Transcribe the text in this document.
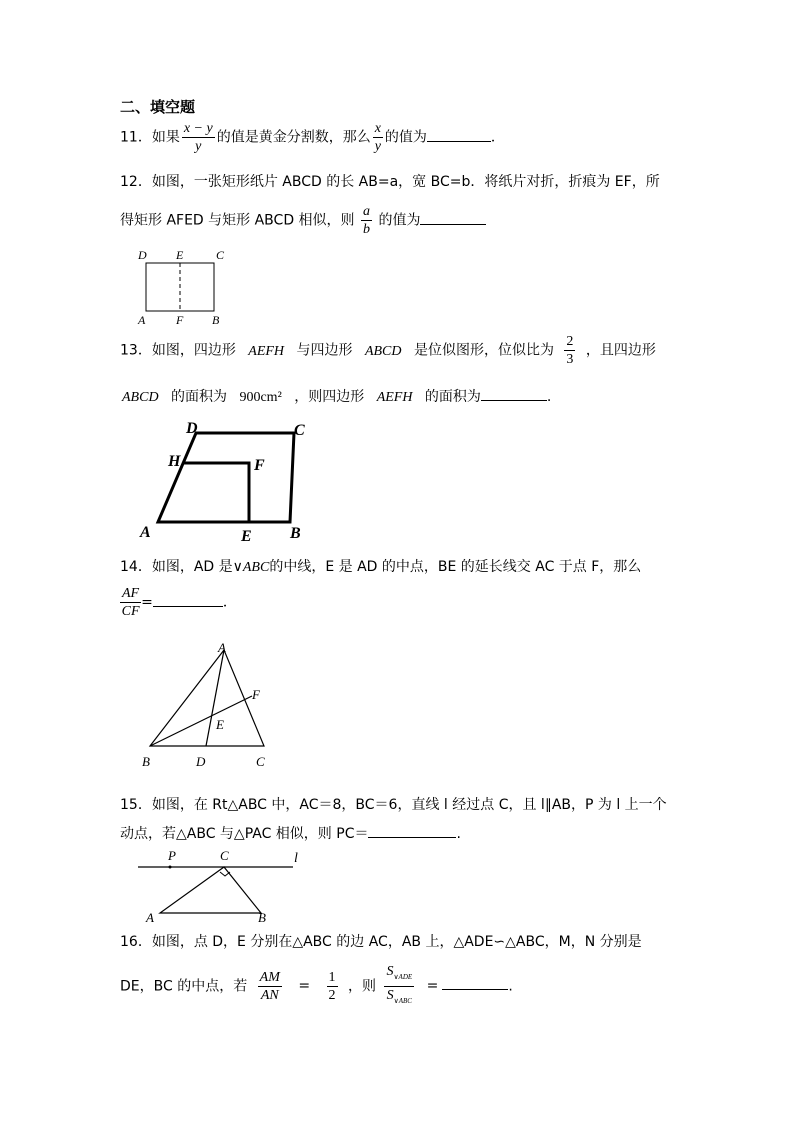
二、填空题
11．如果 $\frac{x - y}{y}$ 的值是黄金分割数，那么 $\frac{x}{y}$ 的值为	．
12．如图，一张矩形纸片 ABCD 的长 AB=a，宽 BC=b．将纸片对折，折痕为 EF，所
得矩形 AFED 与矩形 ABCD 相似，则 $\frac{a}{b}$ 的值为
D E	C
A	F B
13．如图，四边形 AEFH 与四边形 ABCD 是位似图形，位似比为 $\frac{2}{3}$ ，且四边形
ABCD 的面积为 900cm² ，则四边形 AEFH 的面积为	.
D	C
H	F
A	E B
14．如图，AD 是∨ABC的中线，E 是 AD 的中点，BE 的延长线交 AC 于点 F，那么
$\frac{AF}{CF}$ =	．
A
F
E
B	D	C
15．如图，在 Rt△ABC 中，AC＝8，BC＝6，直线 l 经过点 C，且 l∥AB，P 为 l 上一个
动点，若△ABC 与△PAC 相似，则 PC＝	.
P	C	l
A	B
16．如图，点 D，E 分别在△ABC 的边 AC，AB 上，△ADE∽△ABC，M，N 分别是
DE，BC 的中点，若 $\frac{AM}{AN} = \frac{1}{2}$ ，则 $\frac{S_{\vee ADE}}{S_{\vee ABC}}$ =	.
